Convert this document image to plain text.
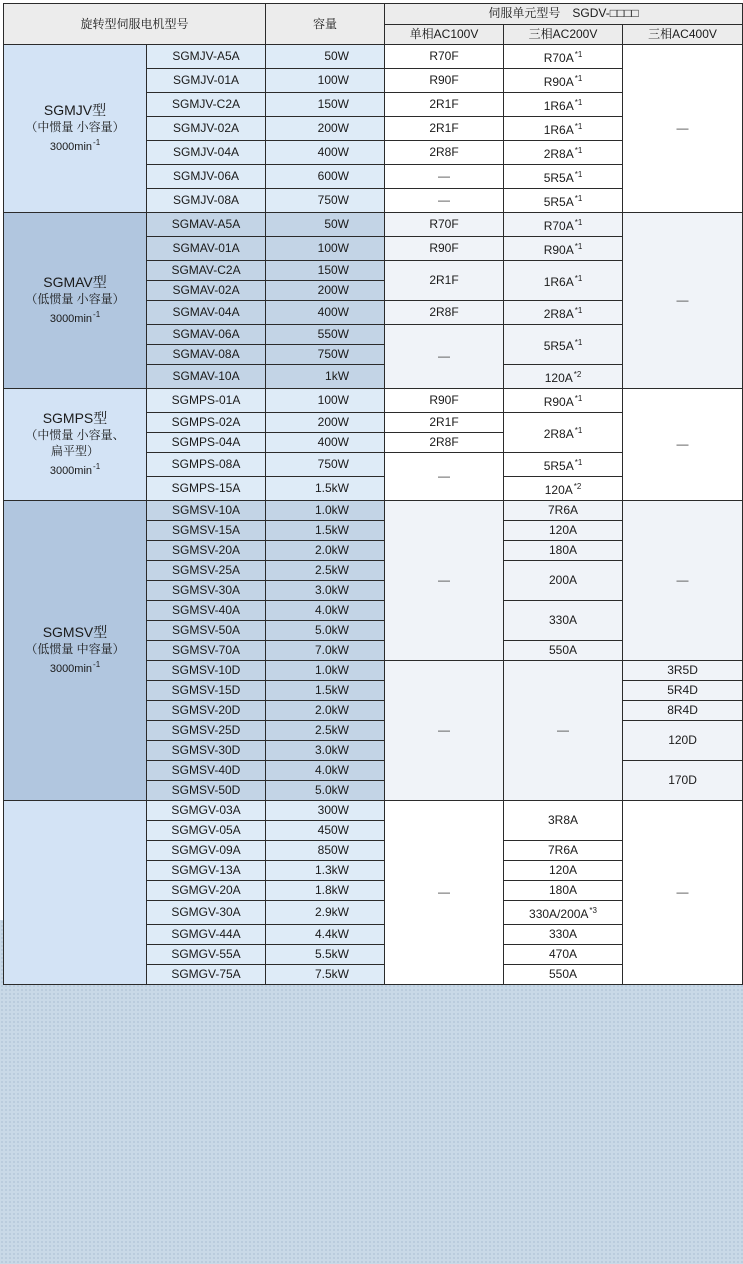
旋转型伺服电机型号		容量	伺服单元型号　SGDV-□□□□		
			单相AC100V	三相AC200V	三相AC400V

SGMJV型
（中惯量 小容量）
$3000\min^{-1}$	SGMJV-A5A	50W	R70F	$R70A^{*1}$	—
	SGMJV-01A	100W	R90F	$R90A^{*1}$
	SGMJV-C2A	150W	2R1F	$1R6A^{*1}$
	SGMJV-02A	200W	2R1F	$1R6A^{*1}$
	SGMJV-04A	400W	2R8F	$2R8A^{*1}$
	SGMJV-06A	600W	—	$5R5A^{*1}$
	SGMJV-08A	750W	—	$5R5A^{*1}$

SGMAV型
（低惯量 小容量）
$3000\min^{-1}$	SGMAV-A5A	50W	R70F	$R70A^{*1}$	—
	SGMAV-01A	100W	R90F	$R90A^{*1}$
	SGMAV-C2A	150W	2R1F	$1R6A^{*1}$
	SGMAV-02A	200W			
	SGMAV-04A	400W	2R8F	$2R8A^{*1}$
	SGMAV-06A	550W	—	$5R5A^{*1}$
	SGMAV-08A	750W			
	SGMAV-10A	1kW		$120A^{*2}$

SGMPS型
（中惯量 小容量、
扁平型）
$3000\min^{-1}$	SGMPS-01A	100W	R90F	$R90A^{*1}$	—
	SGMPS-02A	200W	2R1F	$2R8A^{*1}$
	SGMPS-04A	400W	2R8F		
	SGMPS-08A	750W	—	$5R5A^{*1}$
	SGMPS-15A	1.5kW		$120A^{*2}$

SGMSV型
（低惯量 中容量）
$3000\min^{-1}$	SGMSV-10A	1.0kW	—	7R6A	—
	SGMSV-15A	1.5kW		120A	
	SGMSV-20A	2.0kW		180A	
	SGMSV-25A	2.5kW		200A	
	SGMSV-30A	3.0kW			
	SGMSV-40A	4.0kW		330A	
	SGMSV-50A	5.0kW			
	SGMSV-70A	7.0kW		550A	
	SGMSV-10D	1.0kW	—	—	3R5D
	SGMSV-15D	1.5kW			5R4D
	SGMSV-20D	2.0kW			8R4D
	SGMSV-25D	2.5kW			120D
	SGMSV-30D	3.0kW			
	SGMSV-40D	4.0kW			170D
	SGMSV-50D	5.0kW			
	SGMGV-03A	300W	—	3R8A	—
	SGMGV-05A	450W			
	SGMGV-09A	850W		7R6A	
	SGMGV-13A	1.3kW		120A	
	SGMGV-20A	1.8kW		180A	
	SGMGV-30A	2.9kW		$330A/200A^{*3}$
	SGMGV-44A	4.4kW		330A	
	SGMGV-55A	5.5kW		470A	
	SGMGV-75A	7.5kW		550A	
